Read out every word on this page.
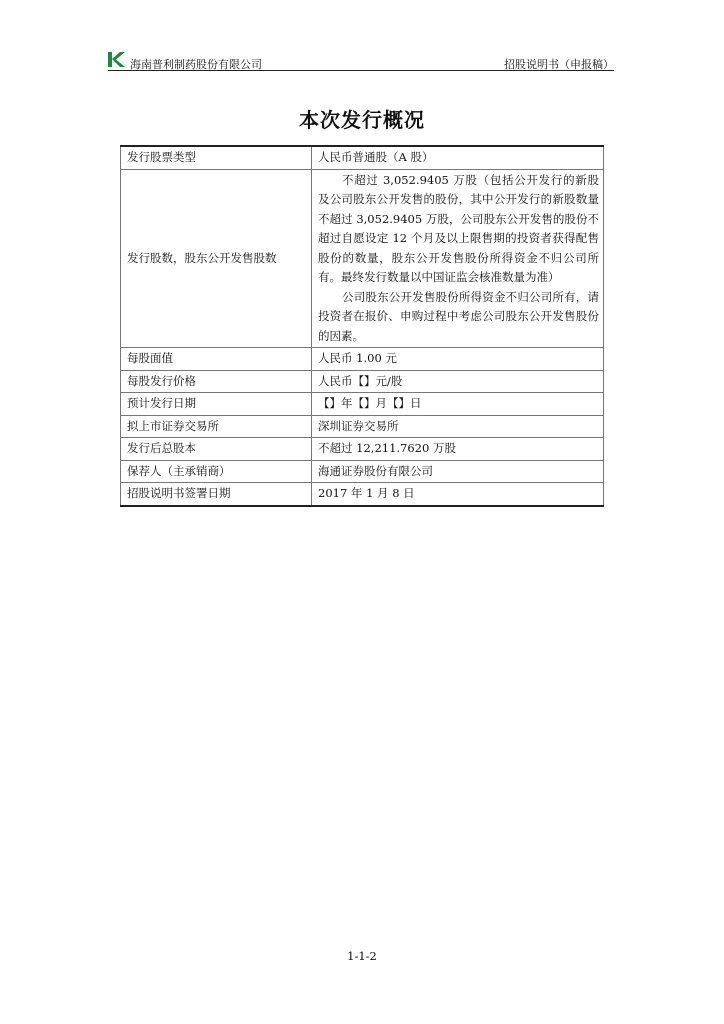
海南普利制药股份有限公司	招股说明书（申报稿）
本次发行概况
发行股票类型	人民币普通股（A 股）
发行股数，股东公开发售股数	不超过 3,052.9405 万股（包括公开发行的新股及公司股东公开发售的股份，其中公开发行的新股数量不超过 3,052.9405 万股，公司股东公开发售的股份不超过自愿设定 12 个月及以上限售期的投资者获得配售股份的数量，股东公开发售股份所得资金不归公司所有。最终发行数量以中国证监会核准数量为准）

公司股东公开发售股份所得资金不归公司所有，请投资者在报价、申购过程中考虑公司股东公开发售股份的因素。

每股面值	人民币 1.00 元
每股发行价格	人民币【】元/股
预计发行日期	【】年【】月【】日
拟上市证券交易所	深圳证券交易所
发行后总股本	不超过 12,211.7620 万股
保荐人（主承销商）	海通证券股份有限公司
招股说明书签署日期	2017 年 1 月 8 日
1-1-2
